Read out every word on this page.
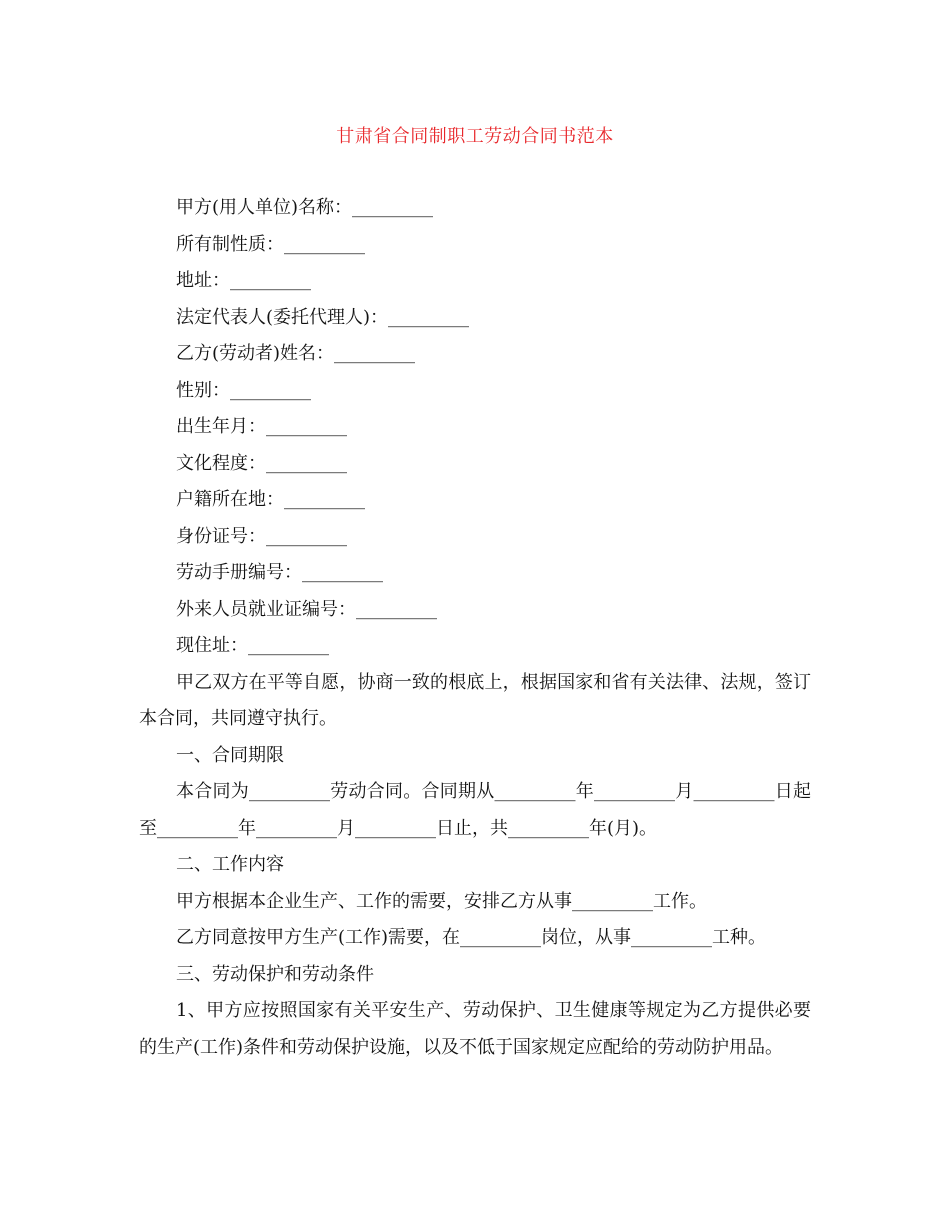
甘肃省合同制职工劳动合同书范本

甲方(用人单位)名称：_________

所有制性质：_________

地址：_________

法定代表人(委托代理人)：_________

乙方(劳动者)姓名：_________

性别：_________

出生年月：_________

文化程度：_________

户籍所在地：_________

身份证号：_________

劳动手册编号：_________

外来人员就业证编号：_________

现住址：_________

甲乙双方在平等自愿，协商一致的根底上，根据国家和省有关法律、法规，签订本合同，共同遵守执行。

一、合同期限

本合同为_________劳动合同。合同期从_________年_________月_________日起至_________年_________月_________日止，共_________年(月)。

二、工作内容

甲方根据本企业生产、工作的需要，安排乙方从事_________工作。

乙方同意按甲方生产(工作)需要，在_________岗位，从事_________工种。

三、劳动保护和劳动条件

1、甲方应按照国家有关平安生产、劳动保护、卫生健康等规定为乙方提供必要的生产(工作)条件和劳动保护设施，以及不低于国家规定应配给的劳动防护用品。
